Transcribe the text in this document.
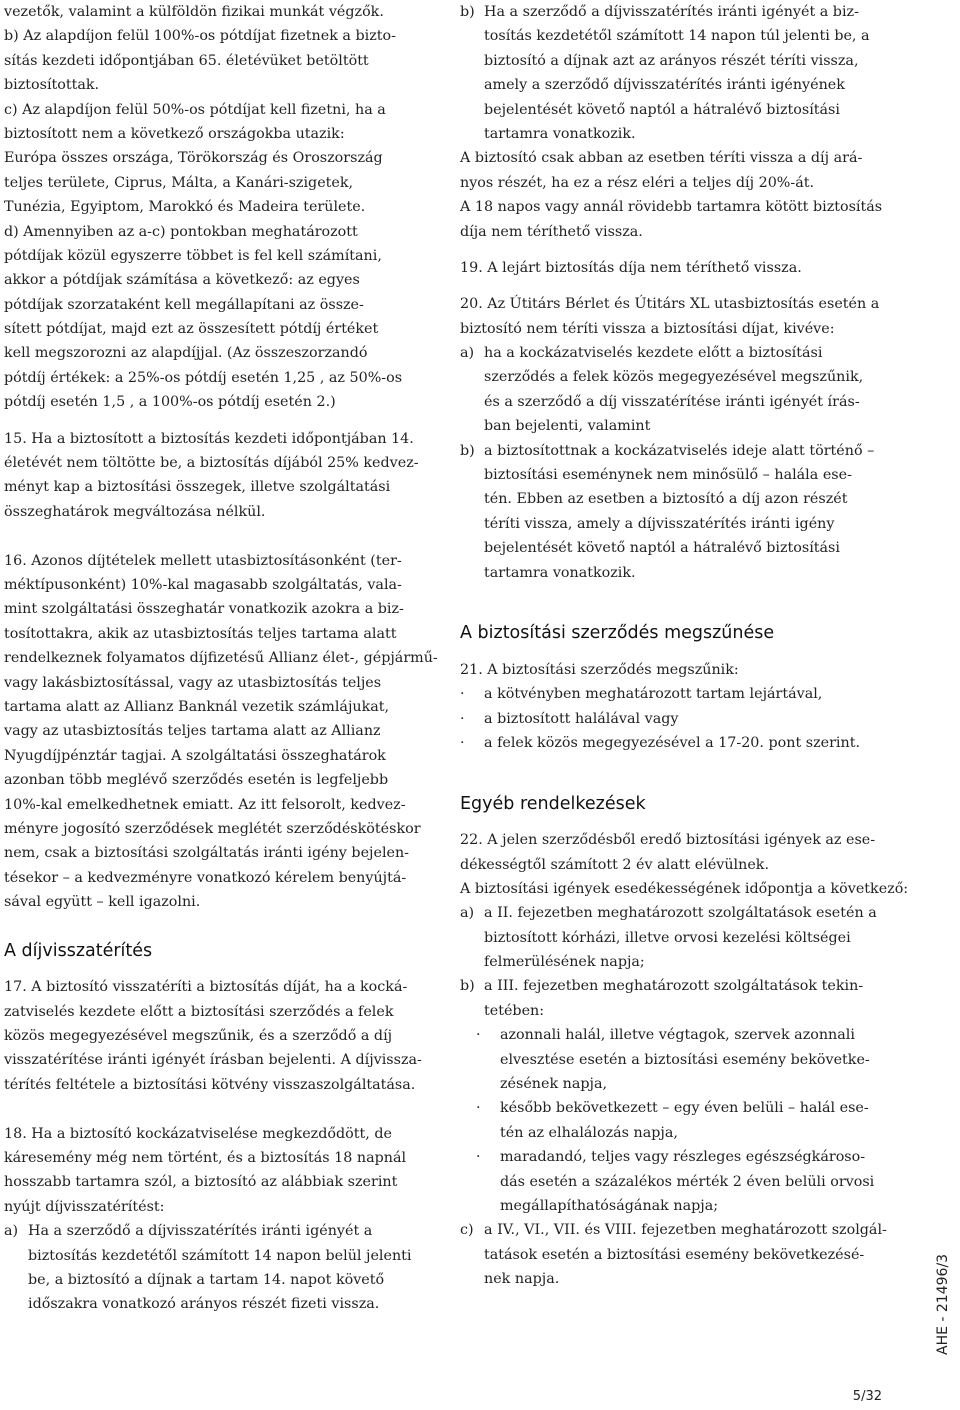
vezetők, valamint a külföldön fizikai munkát végzők.
b) Az alapdíjon felül 100%-os pótdíjat fizetnek a bizto-
sítás kezdeti időpontjában 65. életévüket betöltött
biztosítottak.
c) Az alapdíjon felül 50%-os pótdíjat kell fizetni, ha a
biztosított nem a következő országokba utazik:
Európa összes országa, Törökország és Oroszország
teljes területe, Ciprus, Málta, a Kanári-szigetek,
Tunézia, Egyiptom, Marokkó és Madeira területe.
d) Amennyiben az a-c) pontokban meghatározott
pótdíjak közül egyszerre többet is fel kell számítani,
akkor a pótdíjak számítása a következő: az egyes
pótdíjak szorzataként kell megállapítani az össze-
sített pótdíjat, majd ezt az összesített pótdíj értéket
kell megszorozni az alapdíjjal. (Az összeszorzandó
pótdíj értékek: a 25%-os pótdíj esetén 1,25 , az 50%-os
pótdíj esetén 1,5 , a 100%-os pótdíj esetén 2.)
15. Ha a biztosított a biztosítás kezdeti időpontjában 14.
életévét nem töltötte be, a biztosítás díjából 25% kedvez-
ményt kap a biztosítási összegek, illetve szolgáltatási
összeghatárok megváltozása nélkül.
16. Azonos díjtételek mellett utasbiztosításonként (ter-
méktípusonként) 10%-kal magasabb szolgáltatás, vala-
mint szolgáltatási összeghatár vonatkozik azokra a biz-
tosítottakra, akik az utasbiztosítás teljes tartama alatt
rendelkeznek folyamatos díjfizetésű Allianz élet-, gépjármű-
vagy lakásbiztosítással, vagy az utasbiztosítás teljes
tartama alatt az Allianz Banknál vezetik számlájukat,
vagy az utasbiztosítás teljes tartama alatt az Allianz
Nyugdíjpénztár tagjai. A szolgáltatási összeghatárok
azonban több meglévő szerződés esetén is legfeljebb
10%-kal emelkedhetnek emiatt. Az itt felsorolt, kedvez-
ményre jogosító szerződések meglétét szerződéskötéskor
nem, csak a biztosítási szolgáltatás iránti igény bejelen-
tésekor – a kedvezményre vonatkozó kérelem benyújtá-
sával együtt – kell igazolni.
A díjvisszatérítés
17. A biztosító visszatéríti a biztosítás díját, ha a kocká-
zatviselés kezdete előtt a biztosítási szerződés a felek
közös megegyezésével megszűnik, és a szerződő a díj
visszatérítése iránti igényét írásban bejelenti. A díjvissza-
térítés feltétele a biztosítási kötvény visszaszolgáltatása.
18. Ha a biztosító kockázatviselése megkezdődött, de
káresemény még nem történt, és a biztosítás 18 napnál
hosszabb tartamra szól, a biztosító az alábbiak szerint
nyújt díjvisszatérítést:
a) Ha a szerződő a díjvisszatérítés iránti igényét a
biztosítás kezdetétől számított 14 napon belül jelenti
be, a biztosító a díjnak a tartam 14. napot követő
időszakra vonatkozó arányos részét fizeti vissza.
b) Ha a szerződő a díjvisszatérítés iránti igényét a biz-
tosítás kezdetétől számított 14 napon túl jelenti be, a
biztosító a díjnak azt az arányos részét téríti vissza,
amely a szerződő díjvisszatérítés iránti igényének
bejelentését követő naptól a hátralévő biztosítási
tartamra vonatkozik.
A biztosító csak abban az esetben téríti vissza a díj ará-
nyos részét, ha ez a rész eléri a teljes díj 20%-át.
A 18 napos vagy annál rövidebb tartamra kötött biztosítás
díja nem téríthető vissza.
19. A lejárt biztosítás díja nem téríthető vissza.
20. Az Útitárs Bérlet és Útitárs XL utasbiztosítás esetén a
biztosító nem téríti vissza a biztosítási díjat, kivéve:
a) ha a kockázatviselés kezdete előtt a biztosítási
szerződés a felek közös megegyezésével megszűnik,
és a szerződő a díj visszatérítése iránti igényét írás-
ban bejelenti, valamint
b) a biztosítottnak a kockázatviselés ideje alatt történő –
biztosítási eseménynek nem minősülő – halála ese-
tén. Ebben az esetben a biztosító a díj azon részét
téríti vissza, amely a díjvisszatérítés iránti igény
bejelentését követő naptól a hátralévő biztosítási
tartamra vonatkozik.
A biztosítási szerződés megszűnése
21. A biztosítási szerződés megszűnik:
·	a kötvényben meghatározott tartam lejártával,
·	a biztosított halálával vagy
·	a felek közös megegyezésével a 17-20. pont szerint.
Egyéb rendelkezések
22. A jelen szerződésből eredő biztosítási igények az ese-
dékességtől számított 2 év alatt elévülnek.
A biztosítási igények esedékességének időpontja a következő:
a) a II. fejezetben meghatározott szolgáltatások esetén a
biztosított kórházi, illetve orvosi kezelési költségei
felmerülésének napja;
b) a III. fejezetben meghatározott szolgáltatások tekin-
tetében:
·	azonnali halál, illetve végtagok, szervek azonnali
elvesztése esetén a biztosítási esemény bekövetke-
zésének napja,
·	később bekövetkezett – egy éven belüli – halál ese-
tén az elhalálozás napja,
·	maradandó, teljes vagy részleges egészségkároso-
dás esetén a százalékos mérték 2 éven belüli orvosi
megállapíthatóságának napja;
c) a IV., VI., VII. és VIII. fejezetben meghatározott szolgál-
tatások esetén a biztosítási esemény bekövetkezésé-
nek napja.	AHE - 21496/3
5/32
